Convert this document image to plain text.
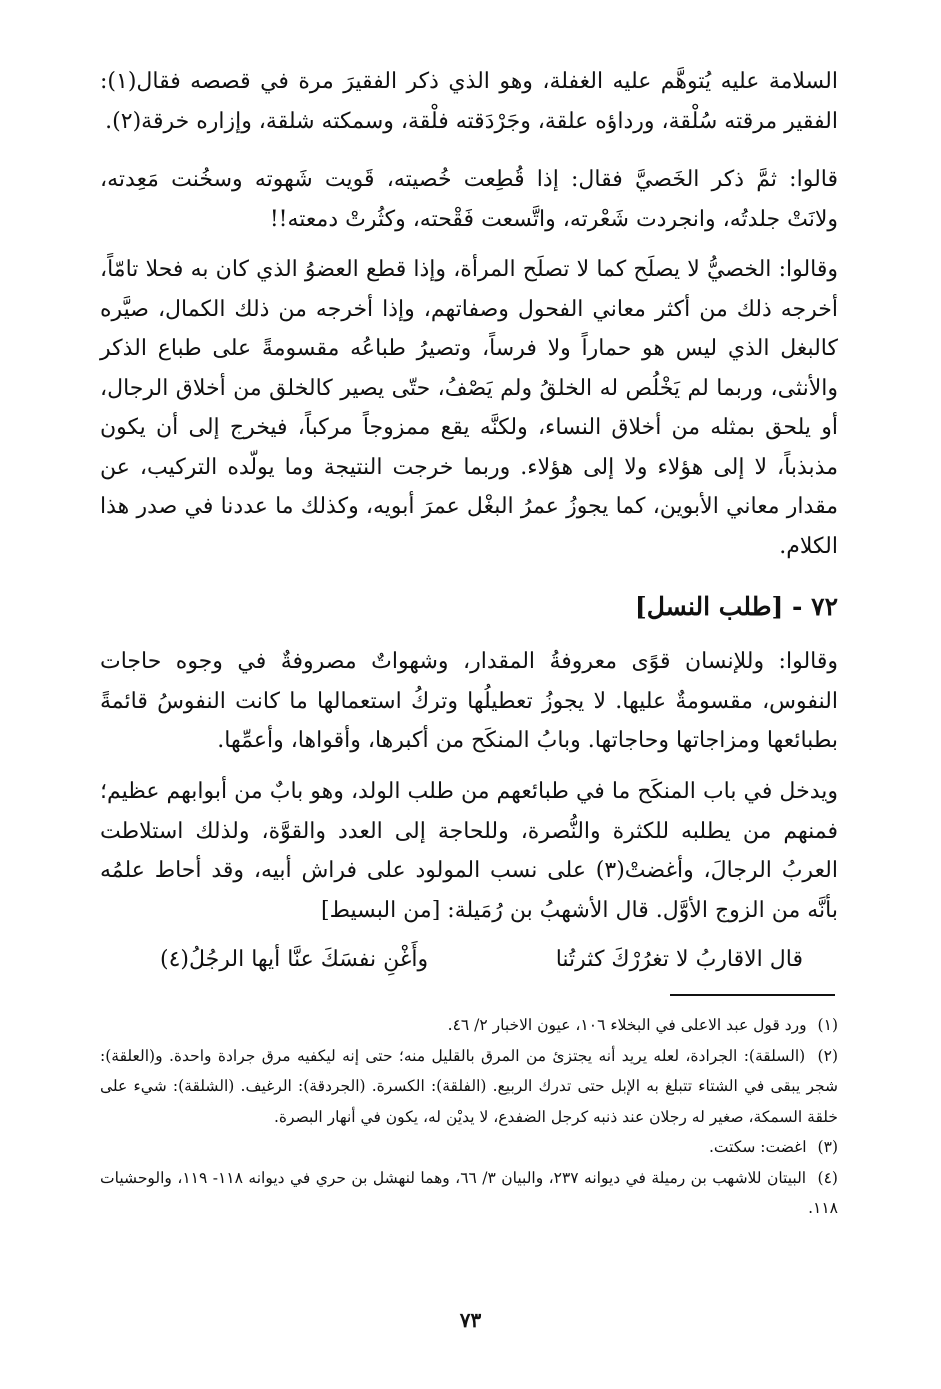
السلامة عليه يُتوهَّم عليه الغفلة، وهو الذي ذكر الفقيرَ مرة في قصصه فقال(١): الفقير مرقته سُلْقة، ورداؤه علقة، وجَرْدَقته فلْقة، وسمكته شلقة، وإزاره خرقة(٢).

قالوا: ثمَّ ذكر الخَصيَّ فقال: إذا قُطِعت خُصيته، قَويت شَهوته وسخُنت مَعِدته، ولانَتْ جلدتُه، وانجردت شَعْرته، واتَّسعت فَقْحته، وكثُرتْ دمعته!!

وقالوا: الخصيُّ لا يصلَح كما لا تصلَح المرأة، وإذا قطع العضوُ الذي كان به فحلا تامّاً، أخرجه ذلك من أكثر معاني الفحول وصفاتهم، وإذا أخرجه من ذلك الكمال، صيَّره كالبغل الذي ليس هو حماراً ولا فرساً، وتصيرُ طباعُه مقسومةً على طباع الذكر والأنثى، وربما لم يَخْلُص له الخلقُ ولم يَصْفُ، حتّى يصير كالخلق من أخلاق الرجال، أو يلحق بمثله من أخلاق النساء، ولكنَّه يقع ممزوجاً مركباً، فيخرج إلى أن يكون مذبذباً، لا إلى هؤلاء ولا إلى هؤلاء. وربما خرجت النتيجة وما يولّده التركيب، عن مقدار معاني الأبوين، كما يجوزُ عمرُ البغْل عمرَ أبويه، وكذلك ما عددنا في صدر هذا الكلام.

٧٢ - [طلب النسل]

وقالوا: وللإنسان قوًى معروفةُ المقدار، وشهواتٌ مصروفةٌ في وجوه حاجات النفوس، مقسومةٌ عليها. لا يجوزُ تعطيلُها وتركُ استعمالها ما كانت النفوسُ قائمةً بطبائعها ومزاجاتها وحاجاتها. وبابُ المنكَح من أكبرها، وأقواها، وأعمِّها.

ويدخل في باب المنكَح ما في طبائعهم من طلب الولد، وهو بابٌ من أبوابهم عظيم؛ فمنهم من يطلبه للكثرة والنُّصرة، وللحاجة إلى العدد والقوَّة، ولذلك استلاطت العربُ الرجالَ، وأغضتْ(٣) على نسب المولود على فراش أبيه، وقد أحاط علمُه بأنَّه من الزوج الأوَّل. قال الأشهبُ بن رُمَيلة: [من البسيط]

قال الاقاربُ لا تغرُرْكَ كثرتُنا
وأَغْنِ نفسَكَ عنَّا أيها الرجُلُ(٤)
(١) ورد قول عبد الاعلى في البخلاء ١٠٦، عيون الاخبار ٢/ ٤٦.
(٢) (السلقة): الجرادة، لعله يريد أنه يجتزئ من المرق بالقليل منه؛ حتى إنه ليكفيه مرق جرادة واحدة. و(العلقة): شجر يبقى في الشتاء تتبلغ به الإبل حتى تدرك الربيع. (الفلقة): الكسرة. (الجردقة): الرغيف. (الشلقة): شيء على خلقة السمكة، صغير له رجلان عند ذنبه كرجل الضفدع، لا يديْن له، يكون في أنهار البصرة.
(٣) اغضت: سكتت.
(٤) البيتان للاشهب بن رميلة في ديوانه ٢٣٧، والبيان ٣/ ٦٦، وهما لنهشل بن حري في ديوانه ١١٨- ١١٩، والوحشيات ١١٨.
٧٣
